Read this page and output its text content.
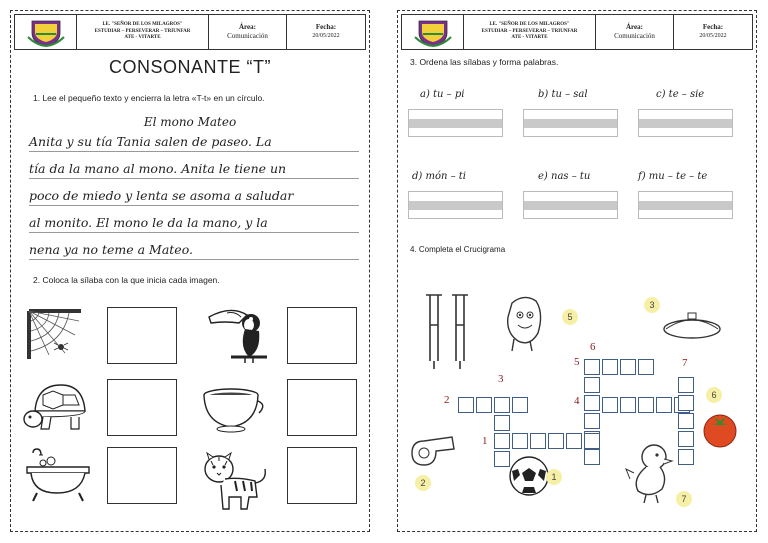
I.E. "SEÑOR DE LOS MILAGROS"
ESTUDIAR – PERSEVERAR – TRIUNFAR
ATE - VITARTE
Área:
Comunicación
Fecha:
20/05/2022
CONSONANTE “T”
1. Lee el pequeño texto y encierra la letra «T-t» en un círculo.
El mono Mateo
Anita y su tía Tania salen de paseo. La
tía da la mano al mono. Anita le tiene un
poco de miedo y lenta se asoma a saludar
al monito. El mono le da la mano, y la
nena ya no teme a Mateo.
2. Coloca la sílaba con la que inicia cada imagen.
I.E. "SEÑOR DE LOS MILAGROS"
ESTUDIAR – PERSEVERAR – TRIUNFAR
ATE - VITARTE
Área:
Comunicación
Fecha:
20/05/2022
3. Ordena las sílabas y forma palabras.
a) tu – pi	b) tu – sal	c) te – sie
d) món – ti	e) nas – tu	f) mu – te – te
4. Completa el Crucigrama
5
3
2
1
7
6
1
2
3
4
5
6
7
